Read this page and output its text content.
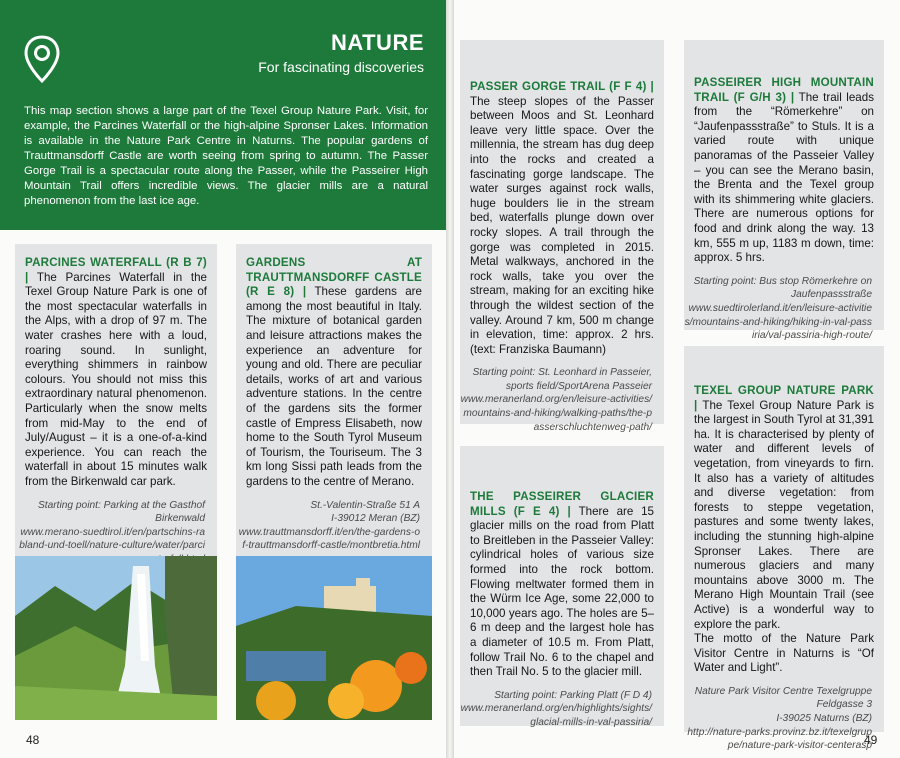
NATURE
For fascinating discoveries
This map section shows a large part of the Texel Group Nature Park. Visit, for example, the Parcines Waterfall or the high-alpine Spronser Lakes. Information is available in the Nature Park Centre in Naturns. The popular gardens of Trauttmansdorff Castle are worth seeing from spring to autumn. The Passer Gorge Trail is a spectacular route along the Passer, while the Passeirer High Mountain Trail offers incredible views. The glacier mills are a natural phenomenon from the last ice age.
PARCINES WATERFALL (R B 7) | The Parcines Waterfall in the Texel Group Nature Park is one of the most spectacular waterfalls in the Alps, with a drop of 97 m. The water crashes here with a loud, roaring sound. In sunlight, everything shimmers in rainbow colours. You should not miss this extraordinary natural phenomenon. Particularly when the snow melts from mid-May to the end of July/August – it is a one-of-a-kind experience. You can reach the waterfall in about 15 minutes walk from the Birkenwald car park.
Starting point: Parking at the Gasthof Birkenwald
www.merano-suedtirol.it/en/partschins-rabland-und-toell/nature-culture/water/parci
GARDENS AT TRAUTTMANSDORFF CASTLE (R E 8) | These gardens are among the most beautiful in Italy. The mixture of botanical garden and leisure attractions makes the experience an adventure for young and old. There are peculiar details, works of art and various adventure stations. In the centre of the gardens sits the former castle of Empress Elisabeth, now home to the South Tyrol Museum of Tourism, the Touriseum. The 3 km long Sissi path leads from the gardens to the centre of Merano.
St.-Valentin-Straße 51 A
I-39012 Meran (BZ)
www.trauttmansdorff.it/en/the-gardens-of-trauttmansdorff-castle/montbretia.html
48
PASSER GORGE TRAIL (F F 4) | The steep slopes of the Passer between Moos and St. Leonhard leave very little space. Over the millennia, the stream has dug deep into the rocks and created a fascinating gorge landscape. The water surges against rock walls, huge boulders lie in the stream bed, waterfalls plunge down over rocky slopes. A trail through the gorge was completed in 2015. Metal walkways, anchored in the rock walls, take you over the stream, making for an exciting hike through the wildest section of the valley. Around 7 km, 500 m change in elevation, time: approx. 2 hrs. (text: Franziska Baumann)
Starting point: St. Leonhard in Passeier, sports field/SportArena Passeier
www.meranerland.org/en/leisure-activities/mountains-and-hiking/walking-paths/the-passerschluchtenweg-path/
THE PASSEIRER GLACIER MILLS (F E 4) | There are 15 glacier mills on the road from Platt to Breitleben in the Passeier Valley: cylindrical holes of various size formed into the rock bottom. Flowing meltwater formed them in the Würm Ice Age, some 22,000 to 10,000 years ago. The holes are 5–6 m deep and the largest hole has a diameter of 10.5 m. From Platt, follow Trail No. 6 to the chapel and then Trail No. 5 to the glacier mill.
Starting point: Parking Platt (F D 4)
www.meranerland.org/en/highlights/sights/glacial-mills-in-val-passiria/
PASSEIRER HIGH MOUNTAIN TRAIL (F G/H 3) | The trail leads from the “Römerkehre” on “Jaufenpassstraße” to Stuls. It is a varied route with unique panoramas of the Passeier Valley – you can see the Merano basin, the Brenta and the Texel group with its shimmering white glaciers. There are numerous options for food and drink along the way. 13 km, 555 m up, 1183 m down, time: approx. 5 hrs.
Starting point: Bus stop Römerkehre on Jaufenpassstraße
www.suedtirolerland.it/en/leisure-activities/mountains-and-hiking/hiking-in-val-passiria/val-passiria-high-route/
TEXEL GROUP NATURE PARK | The Texel Group Nature Park is the largest in South Tyrol at 31,391 ha. It is characterised by plenty of water and different levels of vegetation, from vineyards to firn. It also has a variety of altitudes and diverse vegetation: from forests to steppe vegetation, pastures and some twenty lakes, including the stunning high-alpine Spronser Lakes. There are numerous glaciers and many mountains above 3000 m. The Merano High Mountain Trail (see Active) is a wonderful way to explore the park.
The motto of the Nature Park Visitor Centre in Naturns is “Of Water and Light”.
Nature Park Visitor Centre Texelgruppe
Feldgasse 3
I-39025 Naturns (BZ)
http://nature-parks.provinz.bz.it/texelgruppe/nature-park-visitor-centerasp
49
